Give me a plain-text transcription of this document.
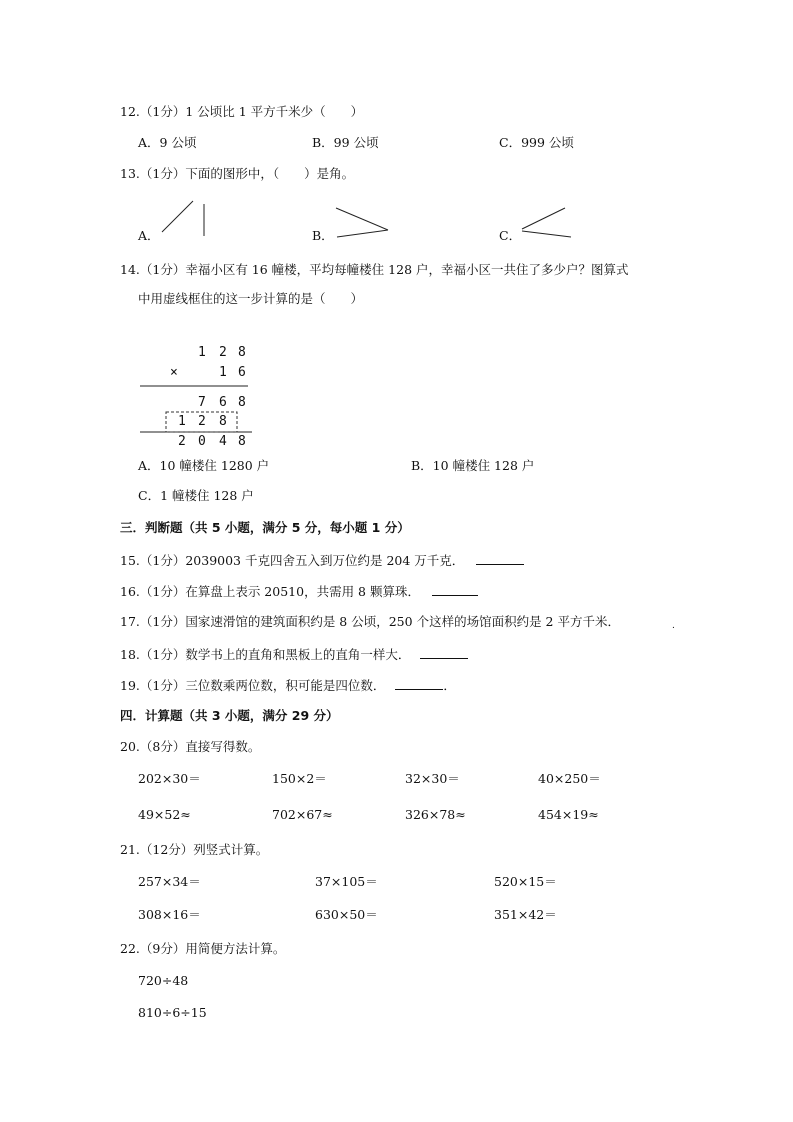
12.（1分）1 公顷比 1 平方千米少（　　）
A．9 公顷	B．99 公顷	C．999 公顷
13.（1分）下面的图形中，（　　）是角。
A．	B．	C．
14.（1分）幸福小区有 16 幢楼，平均每幢楼住 128 户，幸福小区一共住了多少户？图算式
中用虚线框住的这一步计算的是（　　）
1 2 8
×	1 6
7 6 8
1 2 8
2 0 4 8
A．10 幢楼住 1280 户	B．10 幢楼住 128 户
C．1 幢楼住 128 户
三．判断题（共 5 小题，满分 5 分，每小题 1 分）
15.（1分）2039003 千克四舍五入到万位约是 204 万千克．
16.（1分）在算盘上表示 20510，共需用 8 颗算珠．
17.（1分）国家速滑馆的建筑面积约是 8 公顷，250 个这样的场馆面积约是 2 平方千米．	.
18.（1分）数学书上的直角和黑板上的直角一样大．
19.（1分）三位数乘两位数，积可能是四位数．	．
四．计算题（共 3 小题，满分 29 分）
20.（8分）直接写得数。
202×30＝	150×2＝	32×30＝	40×250＝
49×52≈	702×67≈	326×78≈	454×19≈
21.（12分）列竖式计算。
257×34＝	37×105＝	520×15＝
308×16＝	630×50＝	351×42＝
22.（9分）用简便方法计算。
720÷48
810÷6÷15
